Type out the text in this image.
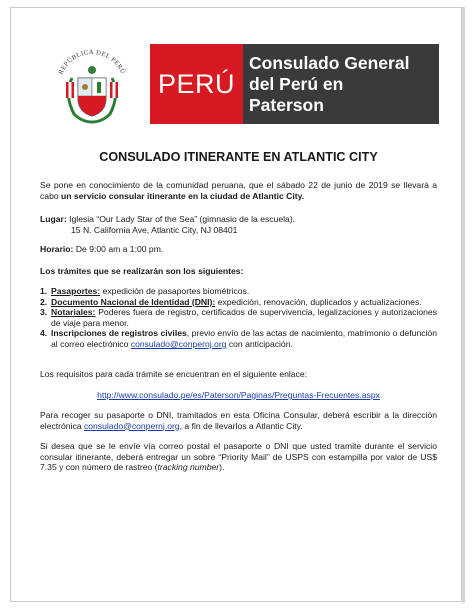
REPÚBLICA DEL PERÚ PERÚ
Consulado General
del Perú en
Paterson
CONSULADO ITINERANTE EN ATLANTIC CITY
Se pone en conocimiento de la comunidad peruana, que el sábado 22 de junio de 2019 se llevará a cabo un servicio consular itinerante en la ciudad de Atlantic City.
Lugar: Iglesia “Our Lady Star of the Sea” (gimnasio de la escuela).
15 N. California Ave, Atlantic City, NJ 08401
Horario: De 9:00 am a 1:00 pm.
Los trámites que se realizarán son los siguientes:
1. Pasaportes: expedición de pasaportes biométricos.
2. Documento Nacional de Identidad (DNI): expedición, renovación, duplicados y actualizaciones.
3. Notariales: Poderes fuera de registro, certificados de supervivencia, legalizaciones y autorizaciones de viaje para menor.
4. Inscripciones de registros civiles, previo envío de las actas de nacimiento, matrimonio o defunción al correo electrónico consulado@conpernj.org con anticipación.
Los requisitos para cada trámite se encuentran en el siguiente enlace:
http://www.consulado.pe/es/Paterson/Paginas/Preguntas-Frecuentes.aspx
Para recoger su pasaporte o DNI, tramitados en esta Oficina Consular, deberá escribir a la dirección electrónica consulado@conpernj.org, a fin de llevarlos a Atlantic City.
Si desea que se le envíe vía correo postal el pasaporte o DNI que usted tramite durante el servicio consular itinerante, deberá entregar un sobre “Priority Mail” de USPS con estampilla por valor de US$ 7.35 y con número de rastreo (tracking number).
